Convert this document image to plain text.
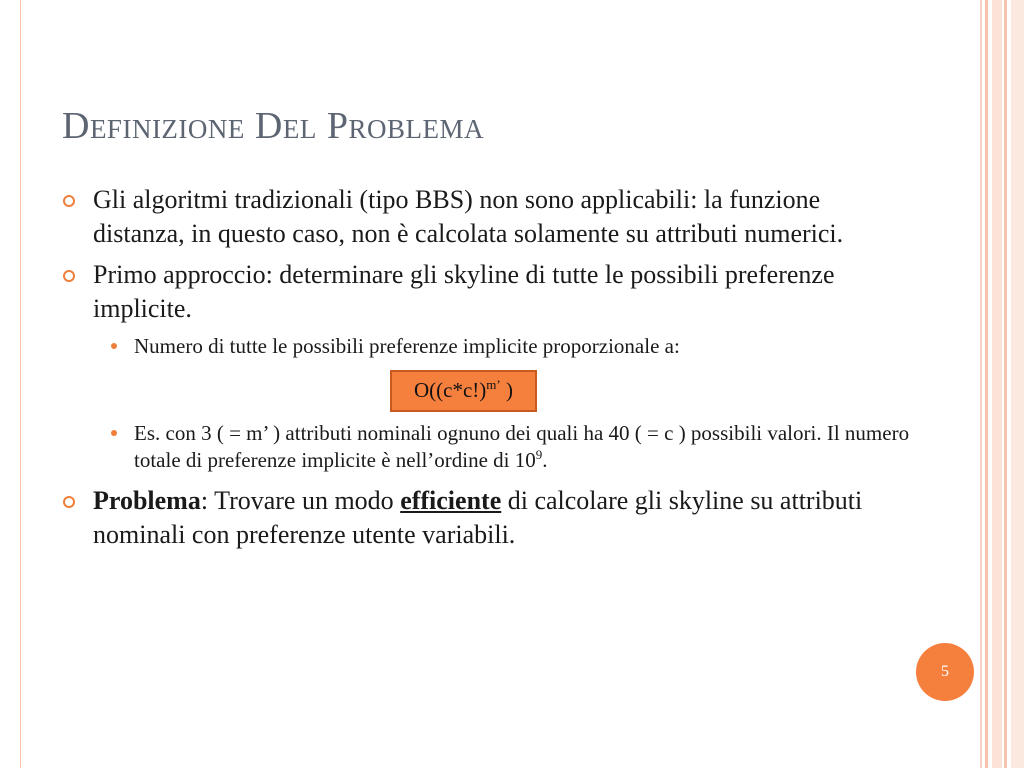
Definizione Del Problema
Gli algoritmi tradizionali (tipo BBS) non sono applicabili: la funzione distanza, in questo caso, non è calcolata solamente su attributi numerici.
Primo approccio: determinare gli skyline di tutte le possibili preferenze implicite.
Numero di tutte le possibili preferenze implicite proporzionale a:
$O((c*c!)^{m’}$ )
Es. con 3 ( = m’ ) attributi nominali ognuno dei quali ha 40 ( = c ) possibili valori. Il numero totale di preferenze implicite è nell’ordine di $10^9$.
Problema: Trovare un modo efficiente di calcolare gli skyline su attributi nominali con preferenze utente variabili.
5
